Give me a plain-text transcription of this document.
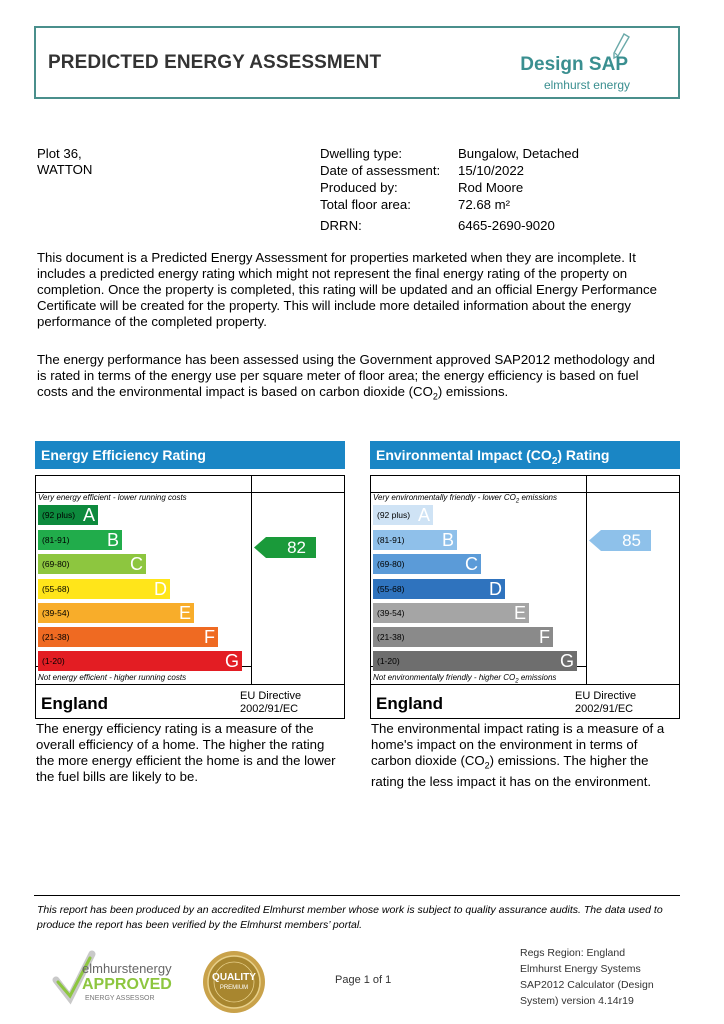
PREDICTED ENERGY ASSESSMENT	Design SAP
elmhurst energy
Plot 36,
WATTON
Dwelling type:	Bungalow, Detached
Date of assessment: 15/10/2022
Produced by:	Rod Moore
Total floor area:	72.68 m²
DRRN:	6465-2690-9020
This document is a Predicted Energy Assessment for properties marketed when they are incomplete. It includes a predicted energy rating which might not represent the final energy rating of the property on completion. Once the property is completed, this rating will be updated and an official Energy Performance Certificate will be created for the property. This will include more detailed information about the energy performance of the completed property.
The energy performance has been assessed using the Government approved SAP2012 methodology and is rated in terms of the energy use per square meter of floor area; the energy efficiency is based on fuel costs and the environmental impact is based on carbon dioxide $(CO_2)$ emissions.
Energy Efficiency Rating
Very energy efficient - lower running costs
(92 plus) A
(81-91) B
(69-80)	C
(55-68)	D
(39-54)	E
(21-38)	F
(1-20)	G
Not energy efficient - higher running costs
82
England	EU Directive
2002/91/EC
The energy efficiency rating is a measure of the overall efficiency of a home. The higher the rating the more energy efficient the home is and the lower the fuel bills are likely to be.
Environmental Impact $(CO_2)$ Rating
Very environmentally friendly - lower $CO_2$ emissions
(92 plus) A
(81-91) B
(69-80)	C
(55-68)	D
(39-54)	E
(21-38)	F
(1-20)	G
Not environmentally friendly - higher $CO_2$ emissions
85
England	EU Directive
2002/91/EC
The environmental impact rating is a measure of a home's impact on the environment in terms of carbon dioxide $(CO_2)$ emissions. The higher the rating the less impact it has on the environment.
This report has been produced by an accredited Elmhurst member whose work is subject to quality assurance audits. The data used to produce the report has been verified by the Elmhurst members’ portal.
elmhurstenergy
APPROVED
ENERGY ASSESSOR
QUALITY
PREMIUM
Page 1 of 1
Regs Region: England
Elmhurst Energy Systems
SAP2012 Calculator (Design
System) version 4.14r19
